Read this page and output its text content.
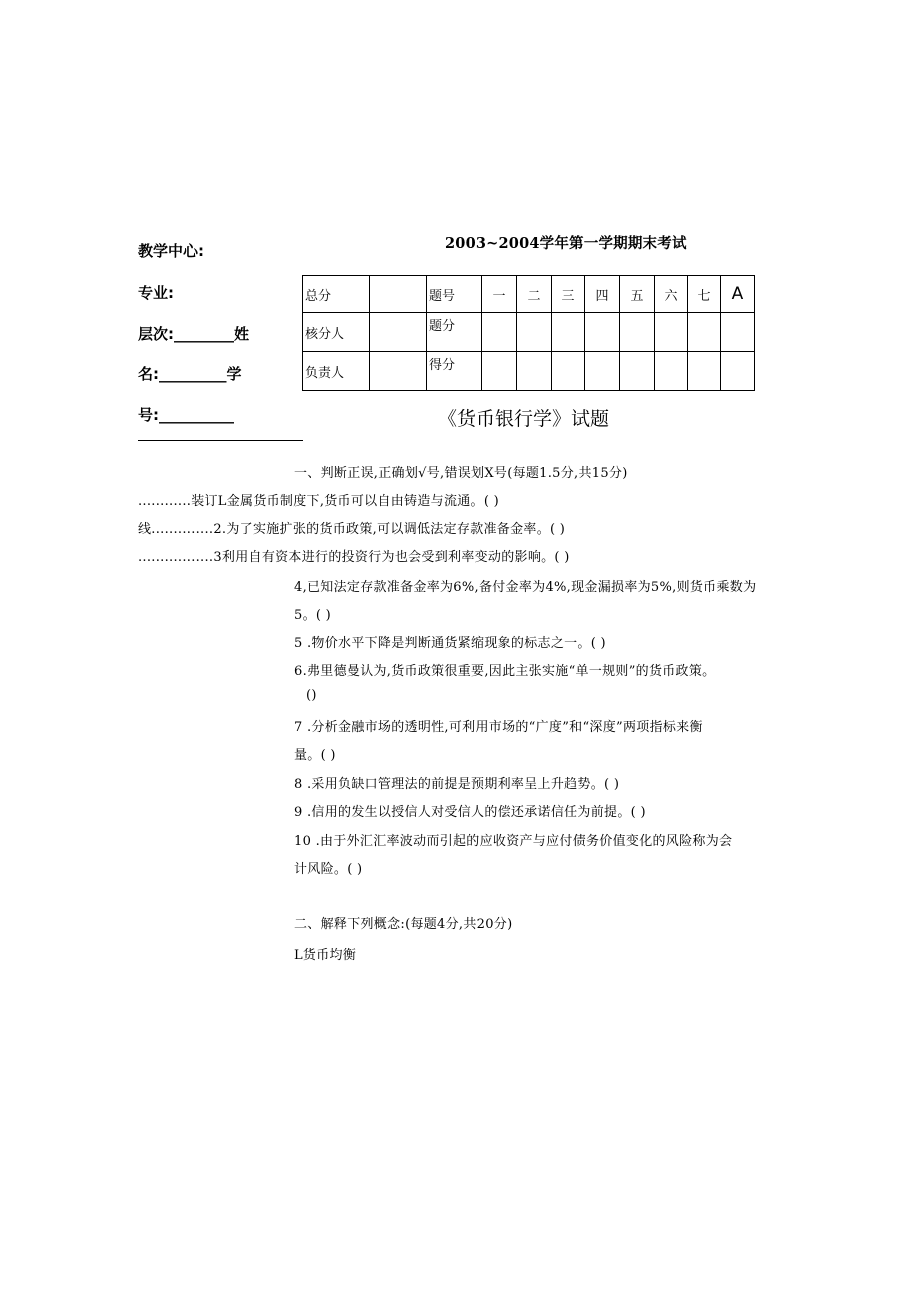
教学中心:
专业:
层次:________姓
名:_________学
号:__________
2003~2004学年第一学期期末考试
总分		题号	一	二	三	四	五	六	七	A
核分人		题分								
负责人		得分								
《货币银行学》试题
一、判断正误,正确划√号,错误划X号(每题1.5分,共15分)
............装订L金属货币制度下,货币可以自由铸造与流通。( )
线..............2.为了实施扩张的货币政策,可以调低法定存款准备金率。( )
.................3利用自有资本进行的投资行为也会受到利率变动的影响。( )
4,已知法定存款准备金率为6%,备付金率为4%,现金漏损率为5%,则货币乘数为
5。( )
5 .物价水平下降是判断通货紧缩现象的标志之一。( )
6.弗里德曼认为,货币政策很重要,因此主张实施“单一规则”的货币政策。
()
7 .分析金融市场的透明性,可利用市场的“广度”和“深度”两项指标来衡
量。( )
8 .采用负缺口管理法的前提是预期利率呈上升趋势。( )
9 .信用的发生以授信人对受信人的偿还承诺信任为前提。( )
10 .由于外汇汇率波动而引起的应收资产与应付债务价值变化的风险称为会
计风险。( )
二、解释下列概念:(每题4分,共20分)
L货币均衡
